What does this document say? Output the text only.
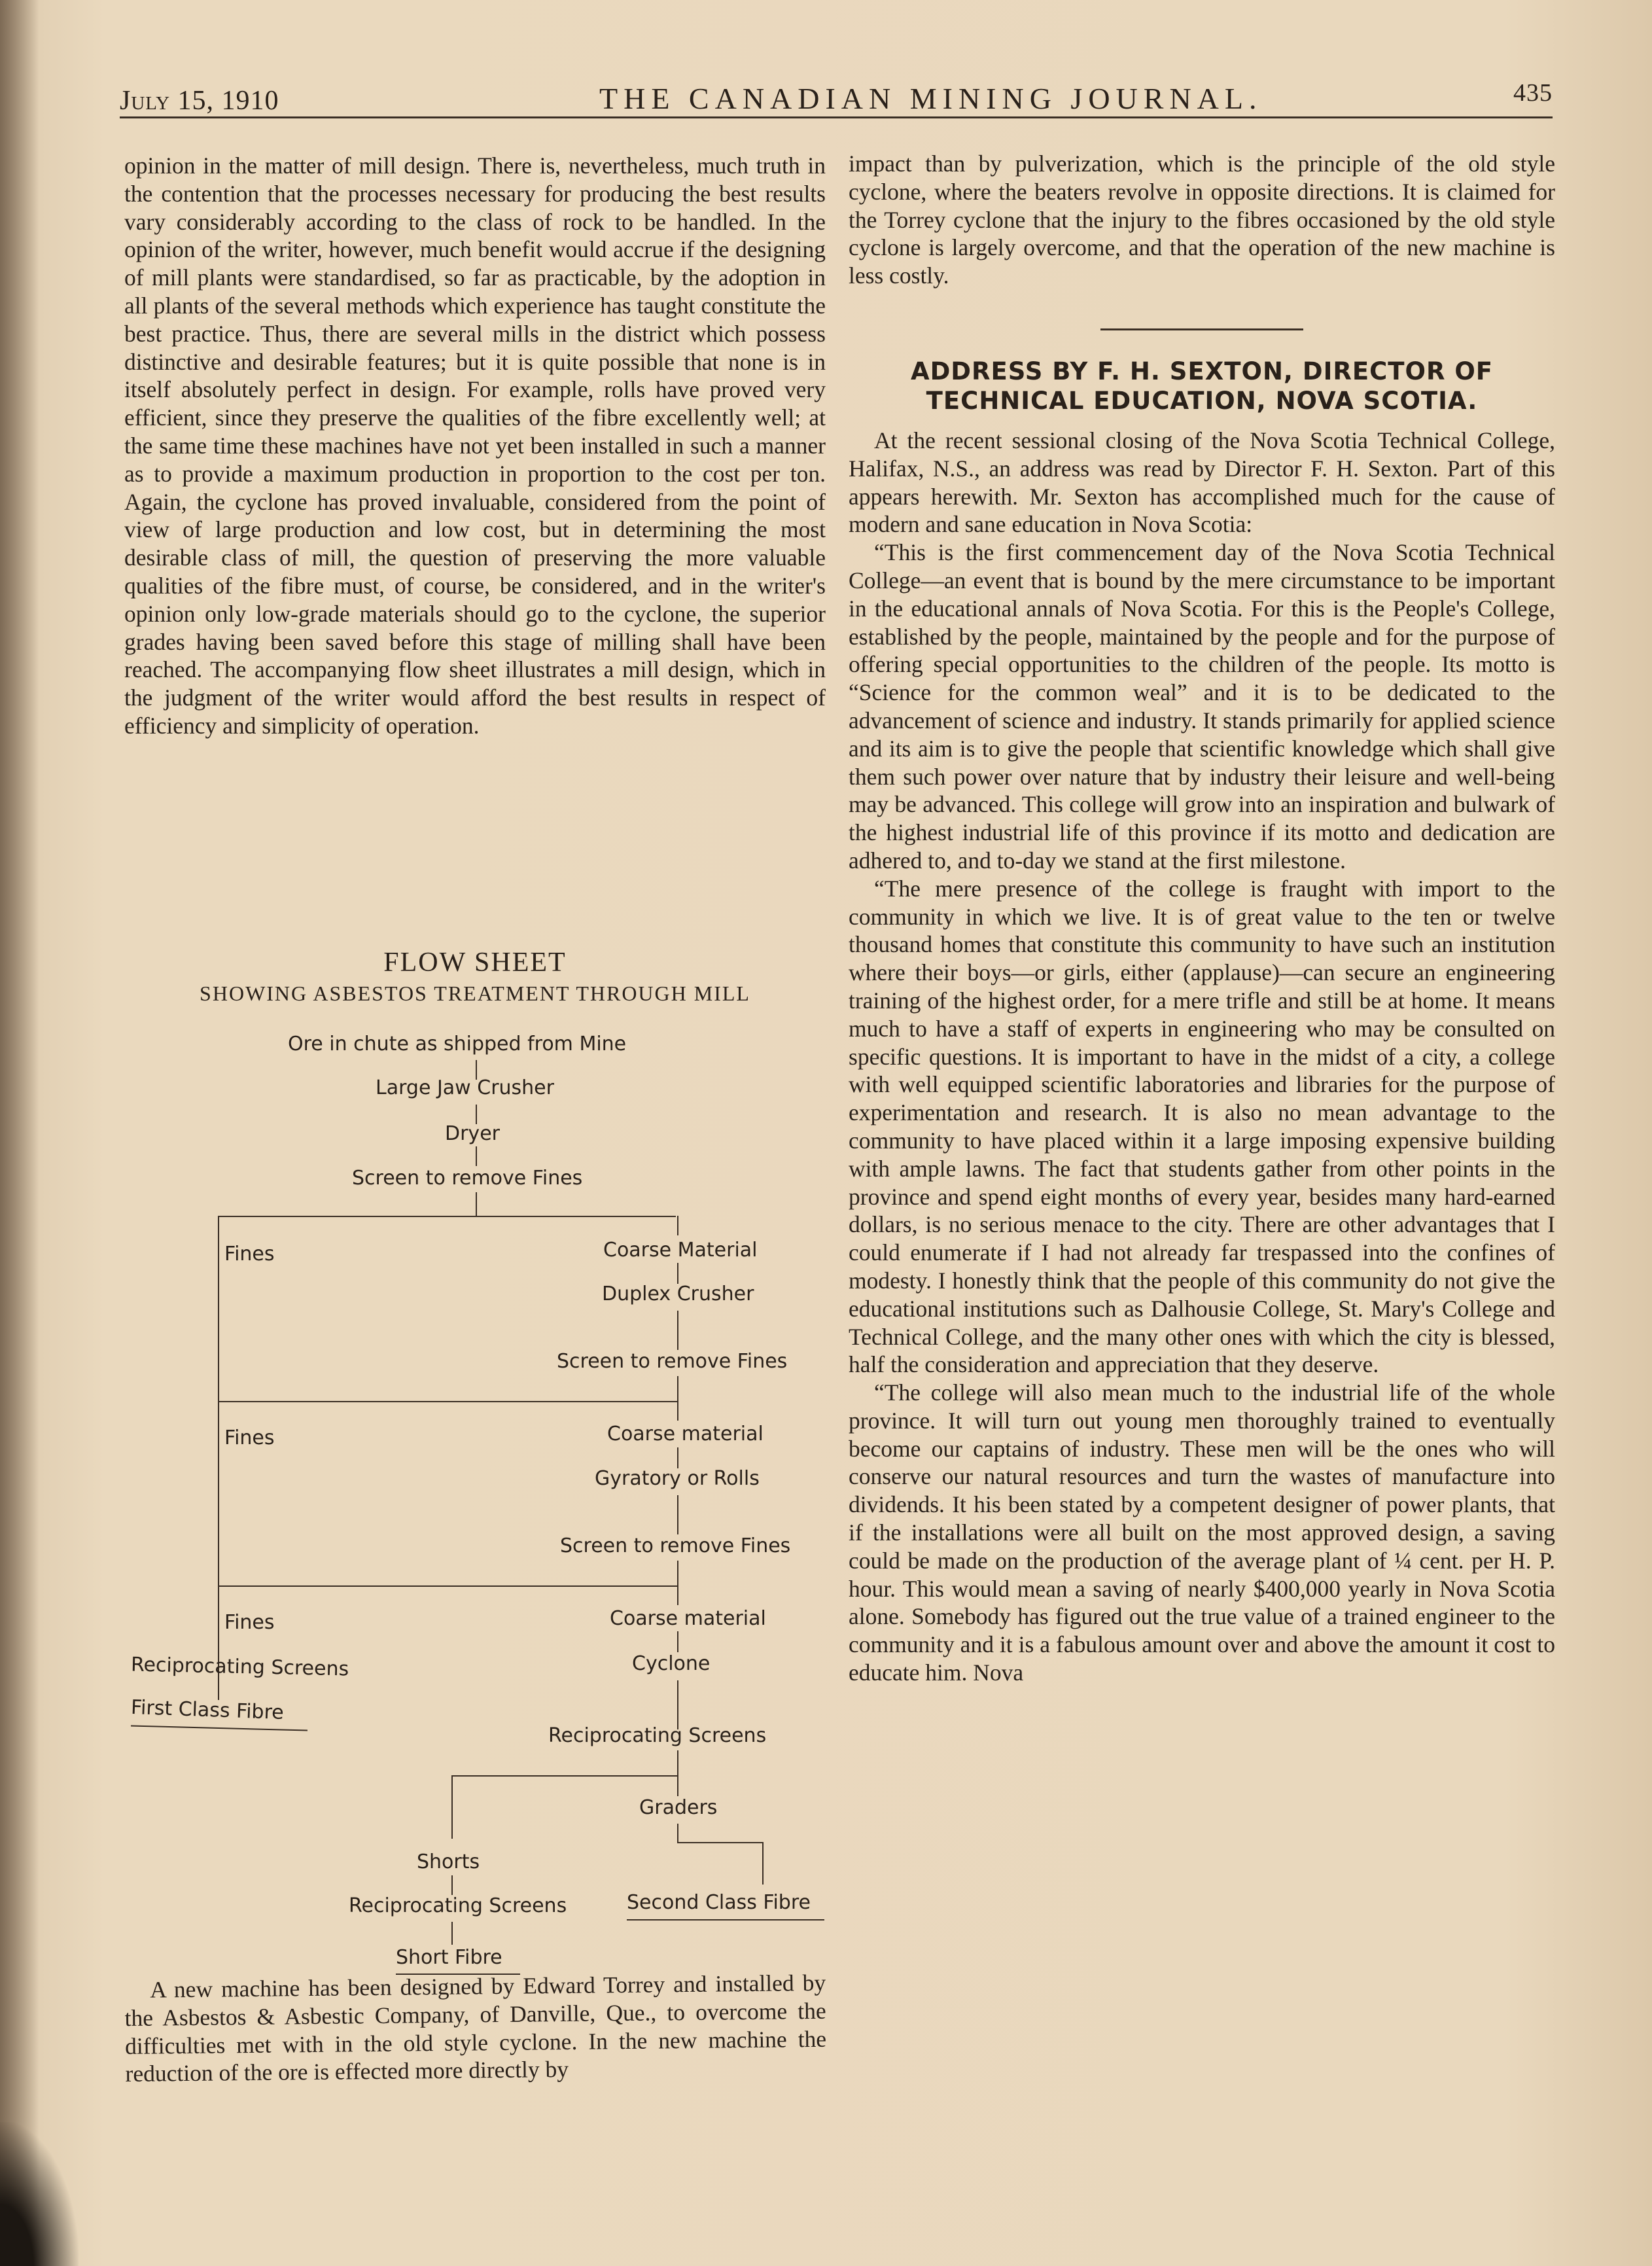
July 15, 1910	THE CANADIAN MINING JOURNAL.	435

opinion in the matter of mill design. There is, nevertheless, much truth in the contention that the processes necessary for producing the best results vary considerably according to the class of rock to be handled. In the opinion of the writer, however, much benefit would accrue if the designing of mill plants were standardised, so far as practicable, by the adoption in all plants of the several methods which experience has taught constitute the best practice. Thus, there are several mills in the district which possess distinctive and desirable features; but it is quite possible that none is in itself absolutely perfect in design. For example, rolls have proved very efficient, since they preserve the qualities of the fibre excellently well; at the same time these machines have not yet been installed in such a manner as to provide a maximum production in proportion to the cost per ton. Again, the cyclone has proved invaluable, considered from the point of view of large production and low cost, but in determining the most desirable class of mill, the question of preserving the more valuable qualities of the fibre must, of course, be considered, and in the writer's opinion only low-grade materials should go to the cyclone, the superior grades having been saved before this stage of milling shall have been reached. The accompanying flow sheet illustrates a mill design, which in the judgment of the writer would afford the best results in respect of efficiency and simplicity of operation.

FLOW SHEET
SHOWING ASBESTOS TREATMENT THROUGH MILL
Ore in chute as shipped from Mine
Large Jaw Crusher
Dryer
Screen to remove Fines
Fines	Coarse Material
Duplex Crusher
Screen to remove Fines
Fines	Coarse material
Gyratory or Rolls
Screen to remove Fines
Fines	Coarse material
Reciprocating Screens	Cyclone
First Class Fibre
Reciprocating Screens
Graders
Shorts
Reciprocating Screens	Second Class Fibre
Short Fibre

A new machine has been designed by Edward Torrey and installed by the Asbestos & Asbestic Company, of Danville, Que., to overcome the difficulties met with in the old style cyclone. In the new machine the reduction of the ore is effected more directly by

impact than by pulverization, which is the principle of the old style cyclone, where the beaters revolve in opposite directions. It is claimed for the Torrey cyclone that the injury to the fibres occasioned by the old style cyclone is largely overcome, and that the operation of the new machine is less costly.

ADDRESS BY F. H. SEXTON, DIRECTOR OF
TECHNICAL EDUCATION, NOVA SCOTIA.

At the recent sessional closing of the Nova Scotia Technical College, Halifax, N.S., an address was read by Director F. H. Sexton. Part of this appears herewith. Mr. Sexton has accomplished much for the cause of modern and sane education in Nova Scotia:

“This is the first commencement day of the Nova Scotia Technical College—an event that is bound by the mere circumstance to be important in the educational annals of Nova Scotia. For this is the People's College, established by the people, maintained by the people and for the purpose of offering special opportunities to the children of the people. Its motto is “Science for the common weal” and it is to be dedicated to the advancement of science and industry. It stands primarily for applied science and its aim is to give the people that scientific knowledge which shall give them such power over nature that by industry their leisure and well-being may be advanced. This college will grow into an inspiration and bulwark of the highest industrial life of this province if its motto and dedication are adhered to, and to-day we stand at the first milestone.

“The mere presence of the college is fraught with import to the community in which we live. It is of great value to the ten or twelve thousand homes that constitute this community to have such an institution where their boys—or girls, either (applause)—can secure an engineering training of the highest order, for a mere trifle and still be at home. It means much to have a staff of experts in engineering who may be consulted on specific questions. It is important to have in the midst of a city, a college with well equipped scientific laboratories and libraries for the purpose of experimentation and research. It is also no mean advantage to the community to have placed within it a large imposing expensive building with ample lawns. The fact that students gather from other points in the province and spend eight months of every year, besides many hard-earned dollars, is no serious menace to the city. There are other advantages that I could enumerate if I had not already far trespassed into the confines of modesty. I honestly think that the people of this community do not give the educational institutions such as Dalhousie College, St. Mary's College and Technical College, and the many other ones with which the city is blessed, half the consideration and appreciation that they deserve.

“The college will also mean much to the industrial life of the whole province. It will turn out young men thoroughly trained to eventually become our captains of industry. These men will be the ones who will conserve our natural resources and turn the wastes of manufacture into dividends. It his been stated by a competent designer of power plants, that if the installations were all built on the most approved design, a saving could be made on the production of the average plant of ¼ cent. per H. P. hour. This would mean a saving of nearly $400,000 yearly in Nova Scotia alone. Somebody has figured out the true value of a trained engineer to the community and it is a fabulous amount over and above the amount it cost to educate him. Nova
